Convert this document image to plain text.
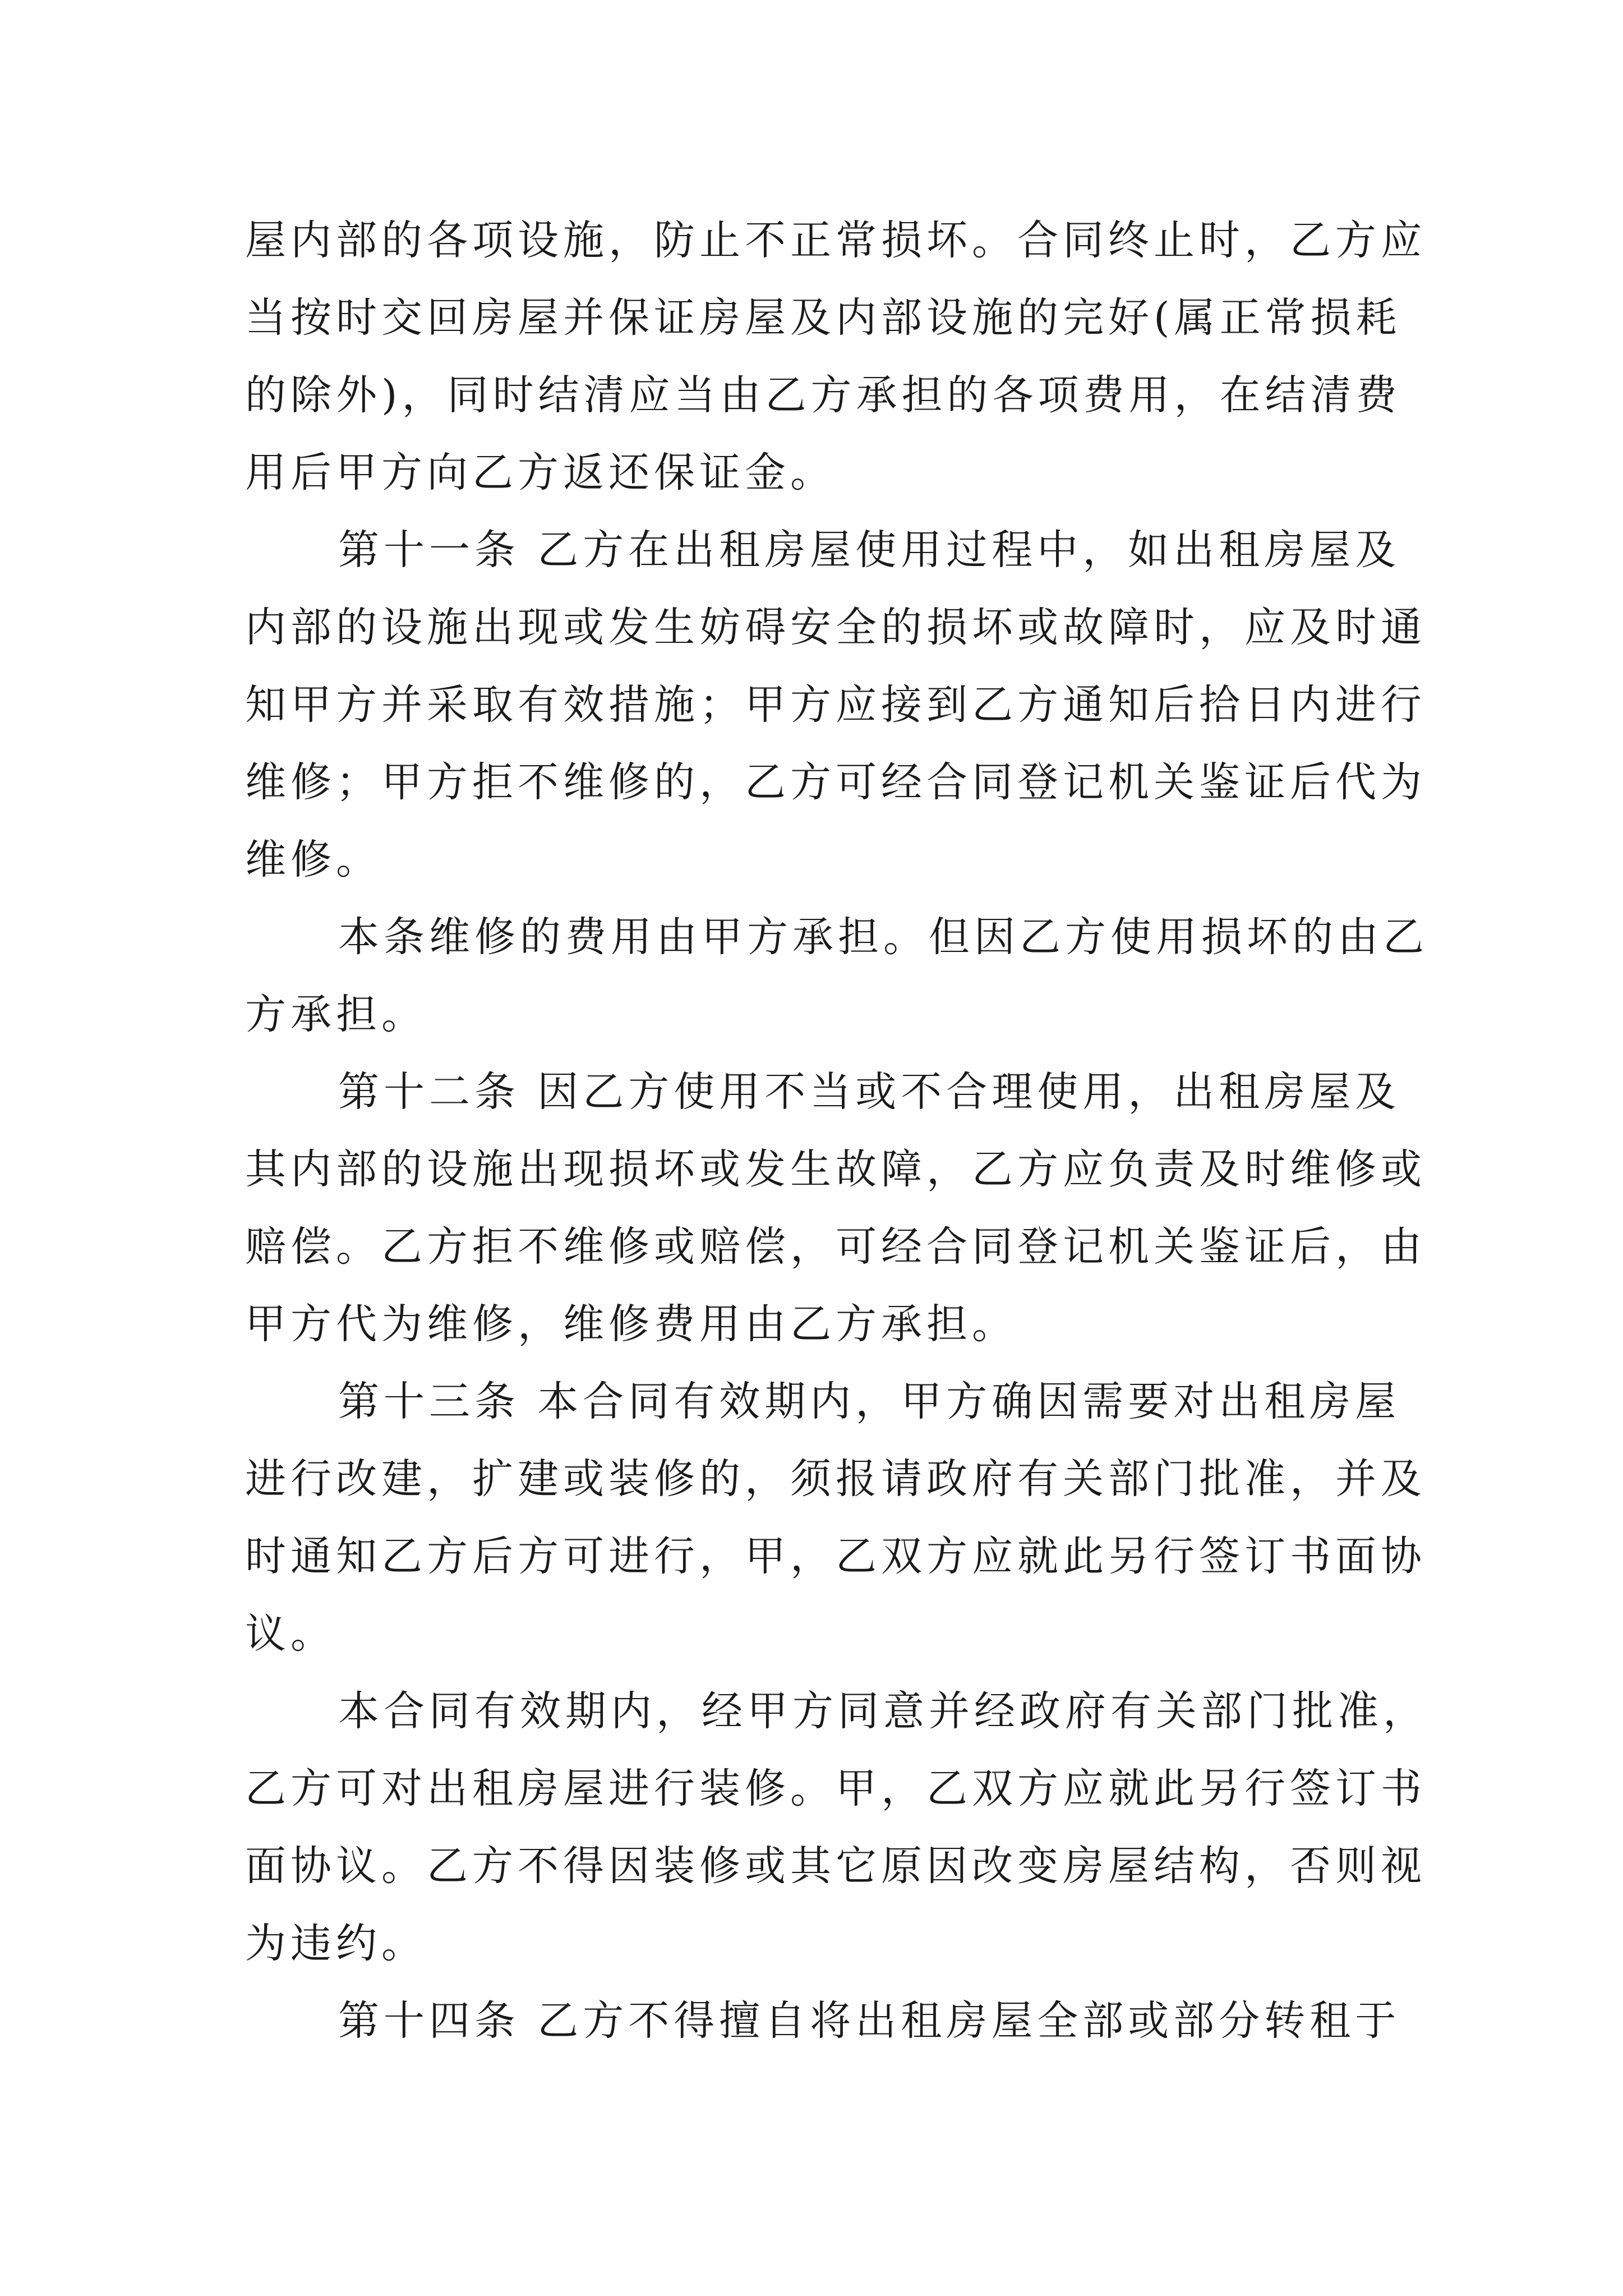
屋内部的各项设施，防止不正常损坏。合同终止时，乙方应
当按时交回房屋并保证房屋及内部设施的完好(属正常损耗
的除外)，同时结清应当由乙方承担的各项费用，在结清费
用后甲方向乙方返还保证金。
第十一条 乙方在出租房屋使用过程中，如出租房屋及
内部的设施出现或发生妨碍安全的损坏或故障时，应及时通
知甲方并采取有效措施；甲方应接到乙方通知后拾日内进行
维修；甲方拒不维修的，乙方可经合同登记机关鉴证后代为
维修。
本条维修的费用由甲方承担。但因乙方使用损坏的由乙
方承担。
第十二条 因乙方使用不当或不合理使用，出租房屋及
其内部的设施出现损坏或发生故障，乙方应负责及时维修或
赔偿。乙方拒不维修或赔偿，可经合同登记机关鉴证后，由
甲方代为维修，维修费用由乙方承担。
第十三条 本合同有效期内，甲方确因需要对出租房屋
进行改建，扩建或装修的，须报请政府有关部门批准，并及
时通知乙方后方可进行，甲，乙双方应就此另行签订书面协
议。
本合同有效期内，经甲方同意并经政府有关部门批准，
乙方可对出租房屋进行装修。甲，乙双方应就此另行签订书
面协议。乙方不得因装修或其它原因改变房屋结构，否则视
为违约。
第十四条 乙方不得擅自将出租房屋全部或部分转租于
